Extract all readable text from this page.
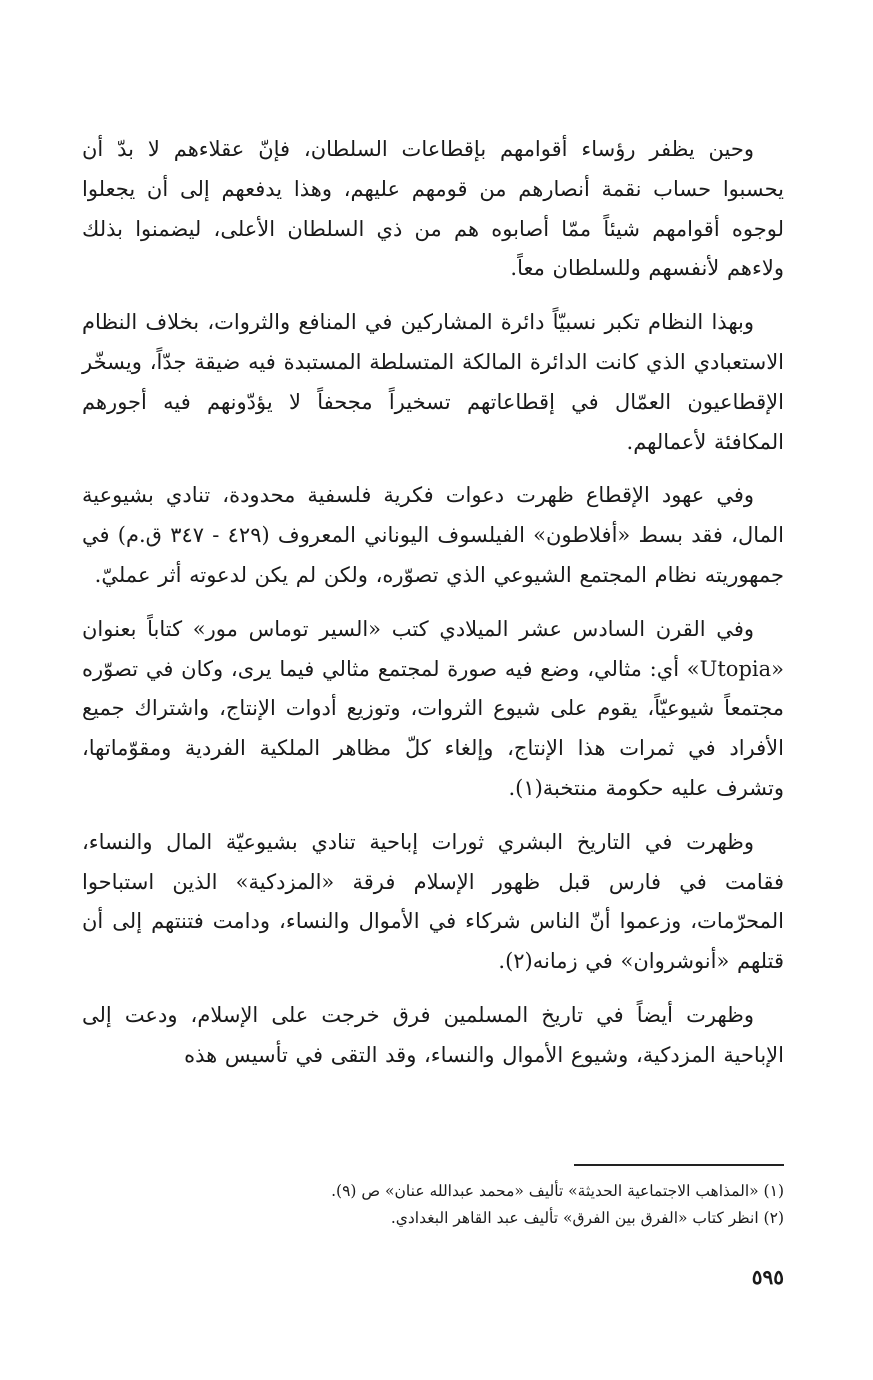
وحين يظفر رؤساء أقوامهم بإقطاعات السلطان، فإنّ عقلاءهم لا بدّ أن يحسبوا حساب نقمة أنصارهم من قومهم عليهم، وهذا يدفعهم إلى أن يجعلوا لوجوه أقوامهم شيئاً ممّا أصابوه هم من ذي السلطان الأعلى، ليضمنوا بذلك ولاءهم لأنفسهم وللسلطان معاً.

وبهذا النظام تكبر نسبيّاً دائرة المشاركين في المنافع والثروات، بخلاف النظام الاستعبادي الذي كانت الدائرة المالكة المتسلطة المستبدة فيه ضيقة جدّاً، ويسخّر الإقطاعيون العمّال في إقطاعاتهم تسخيراً مجحفاً لا يؤدّونهم فيه أجورهم المكافئة لأعمالهم.

وفي عهود الإقطاع ظهرت دعوات فكرية فلسفية محدودة، تنادي بشيوعية المال، فقد بسط «أفلاطون» الفيلسوف اليوناني المعروف (٤٢٩ - ٣٤٧ ق.م) في جمهوريته نظام المجتمع الشيوعي الذي تصوّره، ولكن لم يكن لدعوته أثر عمليّ.

وفي القرن السادس عشر الميلادي كتب «السير توماس مور» كتاباً بعنوان «Utopia» أي: مثالي، وضع فيه صورة لمجتمع مثالي فيما يرى، وكان في تصوّره مجتمعاً شيوعيّاً، يقوم على شيوع الثروات، وتوزيع أدوات الإنتاج، واشتراك جميع الأفراد في ثمرات هذا الإنتاج، وإلغاء كلّ مظاهر الملكية الفردية ومقوّماتها، وتشرف عليه حكومة منتخبة(١).

وظهرت في التاريخ البشري ثورات إباحية تنادي بشيوعيّة المال والنساء، فقامت في فارس قبل ظهور الإسلام فرقة «المزدكية» الذين استباحوا المحرّمات، وزعموا أنّ الناس شركاء في الأموال والنساء، ودامت فتنتهم إلى أن قتلهم «أنوشروان» في زمانه(٢).

وظهرت أيضاً في تاريخ المسلمين فرق خرجت على الإسلام، ودعت إلى الإباحية المزدكية، وشيوع الأموال والنساء، وقد التقى في تأسيس هذه

(١) «المذاهب الاجتماعية الحديثة» تأليف «محمد عبدالله عنان» ص (٩).

(٢) انظر كتاب «الفرق بين الفرق» تأليف عبد القاهر البغدادي.

٥٩٥
